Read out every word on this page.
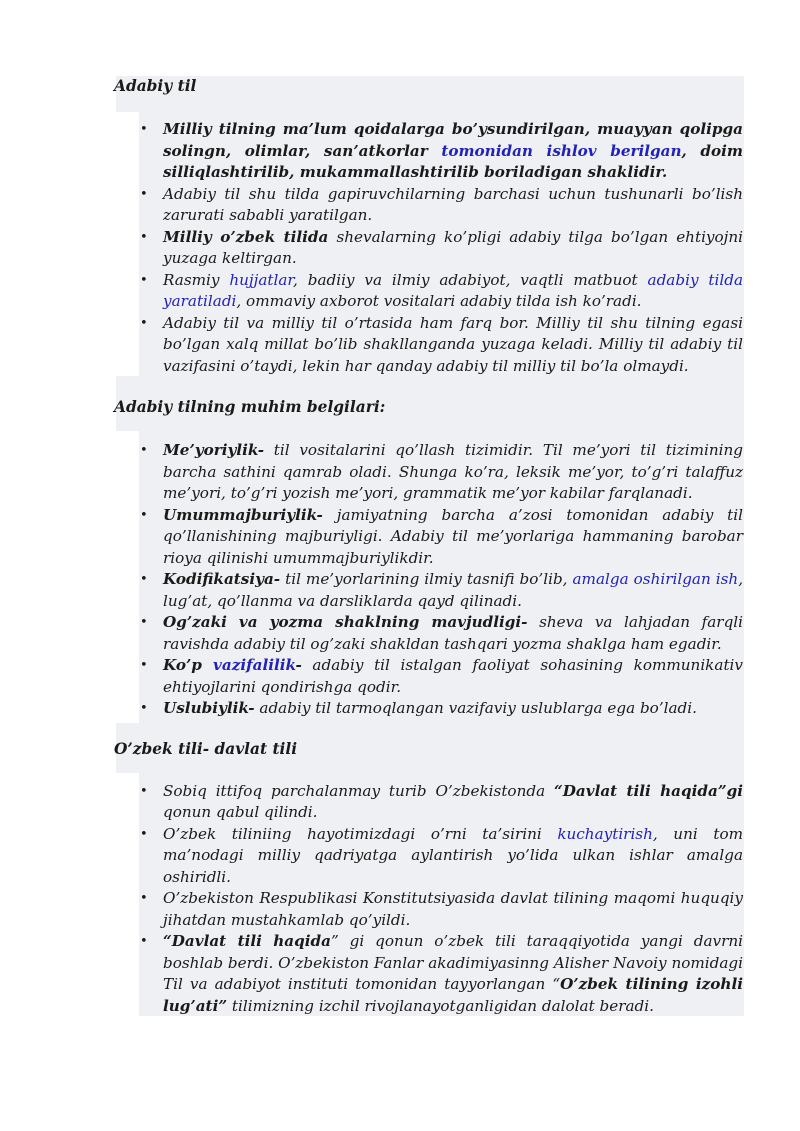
Adabiy til
• Milliy tilning ma’lum qoidalarga bo’ysundirilgan, muayyan qolipga solingn, olimlar, san’atkorlar tomonidan ishlov berilgan, doim silliqlashtirilib, mukammallashtirilib boriladigan shaklidir.
• Adabiy til shu tilda gapiruvchilarning barchasi uchun tushunarli bo’lish zarurati sababli yaratilgan.
• Milliy o’zbek tilida shevalarning ko’pligi adabiy tilga bo’lgan ehtiyojni yuzaga keltirgan.
• Rasmiy hujjatlar, badiiy va ilmiy adabiyot, vaqtli matbuot adabiy tilda yaratiladi, ommaviy axborot vositalari adabiy tilda ish ko’radi.
• Adabiy til va milliy til o’rtasida ham farq bor. Milliy til shu tilning egasi bo’lgan xalq millat bo’lib shakllanganda yuzaga keladi. Milliy til adabiy til vazifasini o’taydi, lekin har qanday adabiy til milliy til bo’la olmaydi.
Adabiy tilning muhim belgilari:
• Me’yoriylik- til vositalarini qo’llash tizimidir. Til me’yori til tizimining barcha sathini qamrab oladi. Shunga ko’ra, leksik me’yor, to’g’ri talaffuz me’yori, to’g’ri yozish me’yori, grammatik me’yor kabilar farqlanadi.
• Umummajburiylik- jamiyatning barcha a’zosi tomonidan adabiy til qo’llanishining majburiyligi. Adabiy til me’yorlariga hammaning barobar rioya qilinishi umummajburiylikdir.
• Kodifikatsiya- til me’yorlarining ilmiy tasnifi bo’lib, amalga oshirilgan ish, lug’at, qo’llanma va darsliklarda qayd qilinadi.
• Og’zaki va yozma shaklning mavjudligi- sheva va lahjadan farqli ravishda adabiy til og’zaki shakldan tashqari yozma shaklga ham egadir.
• Ko’p vazifalilik- adabiy til istalgan faoliyat sohasining kommunikativ ehtiyojlarini qondirishga qodir.
• Uslubiylik- adabiy til tarmoqlangan vazifaviy uslublarga ega bo’ladi.
O’zbek tili- davlat tili
• Sobiq ittifoq parchalanmay turib O’zbekistonda “Davlat tili haqida”gi qonun qabul qilindi.
• O’zbek tiliniing hayotimizdagi o’rni ta’sirini kuchaytirish, uni tom ma’nodagi milliy qadriyatga aylantirish yo’lida ulkan ishlar amalga oshiridli.
• O’zbekiston Respublikasi Konstitutsiyasida davlat tilining maqomi huquqiy jihatdan mustahkamlab qo’yildi.
• “Davlat tili haqida” gi qonun o’zbek tili taraqqiyotida yangi davrni boshlab berdi. O’zbekiston Fanlar akadimiyasinng Alisher Navoiy nomidagi Til va adabiyot instituti tomonidan tayyorlangan “O’zbek tilining izohli lug’ati” tilimizning izchil rivojlanayotganligidan dalolat beradi.
